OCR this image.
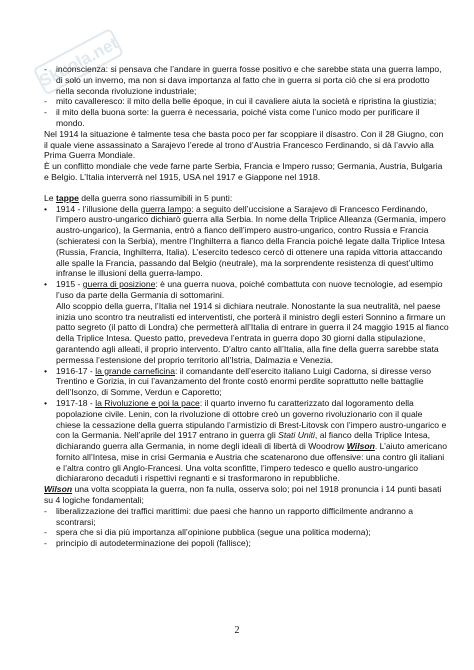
Skuola.net
- inconscienza: si pensava che l’andare in guerra fosse positivo e che sarebbe stata una guerra lampo, di solo un inverno, ma non si dava importanza al fatto che in guerra si porta ciò che si era prodotto nella seconda rivoluzione industriale;
- mito cavalleresco: il mito della belle époque, in cui il cavaliere aiuta la società e ripristina la giustizia;
- il mito della buona sorte: la guerra è necessaria, poiché vista come l’unico modo per purificare il mondo.

Nel 1914 la situazione è talmente tesa che basta poco per far scoppiare il disastro. Con il 28 Giugno, con il quale viene assassinato a Sarajevo l’erede al trono d’Austria Francesco Ferdinando, si dà l’avvio alla Prima Guerra Mondiale.

È un conflitto mondiale che vede farne parte Serbia, Francia e Impero russo; Germania, Austria, Bulgaria e Belgio. L’Italia interverrà nel 1915, USA nel 1917 e Giappone nel 1918.

Le tappe della guerra sono riassumibili in 5 punti:

• 1914 - l’illusione della guerra lampo: a seguito dell’uccisione a Sarajevo di Francesco Ferdinando, l’impero austro-ungarico dichiarò guerra alla Serbia. In nome della Triplice Alleanza (Germania, impero austro-ungarico), la Germania, entrò a fianco dell’impero austro-ungarico, contro Russia e Francia (schieratesi con la Serbia), mentre l’Inghilterra a fianco della Francia poiché legate dalla Triplice Intesa (Russia, Francia, Inghilterra, Italia). L’esercito tedesco cercò di ottenere una rapida vittoria attaccando alle spalle la Francia, passando dal Belgio (neutrale), ma la sorprendente resistenza di quest’ultimo infranse le illusioni della guerra-lampo.
• 1915 - guerra di posizione: è una guerra nuova, poiché combattuta con nuove tecnologie, ad esempio l’uso da parte della Germania di sottomarini.
Allo scoppio della guerra, l’Italia nel 1914 si dichiara neutrale. Nonostante la sua neutralità, nel paese inizia uno scontro tra neutralisti ed interventisti, che porterà il ministro degli esteri Sonnino a firmare un patto segreto (il patto di Londra) che permetterà all’Italia di entrare in guerra il 24 maggio 1915 al fianco della Triplice Intesa. Questo patto, prevedeva l’entrata in guerra dopo 30 giorni dalla stipulazione, garantendo agli alleati, il proprio intervento. D’altro canto all’Italia, alla fine della guerra sarebbe stata permessa l’estensione del proprio territorio all’Istria, Dalmazia e Venezia.
• 1916-17 - la grande carneficina: il comandante dell’esercito italiano Luigi Cadorna, si diresse verso Trentino e Gorizia, in cui l’avanzamento del fronte costò enormi perdite soprattutto nelle battaglie dell’Isonzo, di Somme, Verdun e Caporetto;
• 1917-18 - la Rivoluzione e poi la pace: il quarto inverno fu caratterizzato dal logoramento della popolazione civile. Lenin, con la rivoluzione di ottobre creò un governo rivoluzionario con il quale chiese la cessazione della guerra stipulando l’armistizio di Brest-Litovsk con l’impero austro-ungarico e con la Germania. Nell’aprile del 1917 entrano in guerra gli Stati Uniti, al fianco della Triplice Intesa, dichiarando guerra alla Germania, in nome degli ideali di libertà di Woodrow Wilson. L’aiuto americano fornito all’Intesa, mise in crisi Germania e Austria che scatenarono due offensive: una contro gli italiani e l’altra contro gli Anglo-Francesi. Una volta sconfitte, l’impero tedesco e quello austro-ungarico dichiararono decaduti i rispettivi regnanti e si trasformarono in repubbliche.

Wilson una volta scoppiata la guerra, non fa nulla, osserva solo; poi nel 1918 pronuncia i 14 punti basati su 4 logiche fondamentali;

- liberalizzazione dei traffici marittimi: due paesi che hanno un rapporto difficilmente andranno a scontrarsi;
- spera che si dia più importanza all’opinione pubblica (segue una politica moderna);
- principio di autodeterminazione dei popoli (fallisce);
2
